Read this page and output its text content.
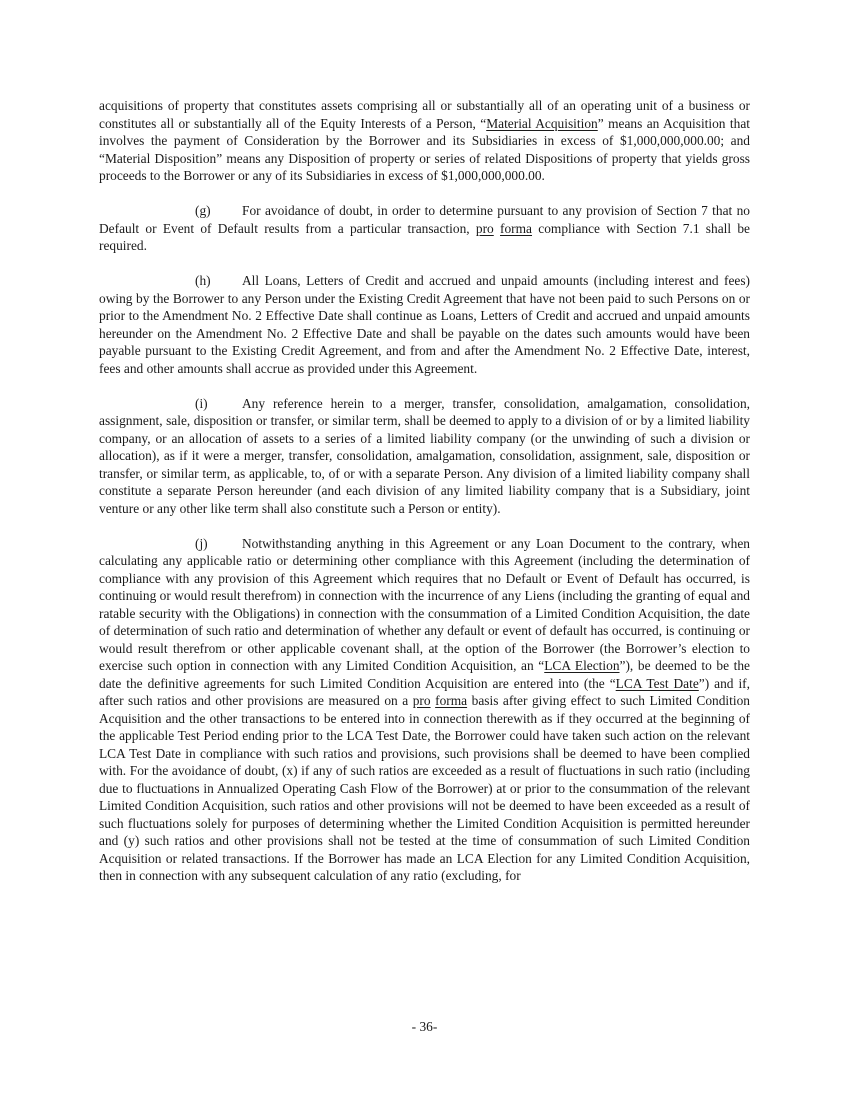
acquisitions of property that constitutes assets comprising all or substantially all of an operating unit of a business or constitutes all or substantially all of the Equity Interests of a Person, “Material Acquisition” means an Acquisition that involves the payment of Consideration by the Borrower and its Subsidiaries in excess of $1,000,000,000.00; and “Material Disposition” means any Disposition of property or series of related Dispositions of property that yields gross proceeds to the Borrower or any of its Subsidiaries in excess of $1,000,000,000.00.

(g) For avoidance of doubt, in order to determine pursuant to any provision of Section 7 that no Default or Event of Default results from a particular transaction, pro forma compliance with Section 7.1 shall be required.

(h) All Loans, Letters of Credit and accrued and unpaid amounts (including interest and fees) owing by the Borrower to any Person under the Existing Credit Agreement that have not been paid to such Persons on or prior to the Amendment No. 2 Effective Date shall continue as Loans, Letters of Credit and accrued and unpaid amounts hereunder on the Amendment No. 2 Effective Date and shall be payable on the dates such amounts would have been payable pursuant to the Existing Credit Agreement, and from and after the Amendment No. 2 Effective Date, interest, fees and other amounts shall accrue as provided under this Agreement.

(i)	Any reference herein to a merger, transfer, consolidation, amalgamation, consolidation, assignment, sale, disposition or transfer, or similar term, shall be deemed to apply to a division of or by a limited liability company, or an allocation of assets to a series of a limited liability company (or the unwinding of such a division or allocation), as if it were a merger, transfer, consolidation, amalgamation, consolidation, assignment, sale, disposition or transfer, or similar term, as applicable, to, of or with a separate Person. Any division of a limited liability company shall constitute a separate Person hereunder (and each division of any limited liability company that is a Subsidiary, joint venture or any other like term shall also constitute such a Person or entity).

(j)	Notwithstanding anything in this Agreement or any Loan Document to the contrary, when calculating any applicable ratio or determining other compliance with this Agreement (including the determination of compliance with any provision of this Agreement which requires that no Default or Event of Default has occurred, is continuing or would result therefrom) in connection with the incurrence of any Liens (including the granting of equal and ratable security with the Obligations) in connection with the consummation of a Limited Condition Acquisition, the date of determination of such ratio and determination of whether any default or event of default has occurred, is continuing or would result therefrom or other applicable covenant shall, at the option of the Borrower (the Borrower’s election to exercise such option in connection with any Limited Condition Acquisition, an “LCA Election”), be deemed to be the date the definitive agreements for such Limited Condition Acquisition are entered into (the “LCA Test Date”) and if, after such ratios and other provisions are measured on a pro forma basis after giving effect to such Limited Condition Acquisition and the other transactions to be entered into in connection therewith as if they occurred at the beginning of the applicable Test Period ending prior to the LCA Test Date, the Borrower could have taken such action on the relevant LCA Test Date in compliance with such ratios and provisions, such provisions shall be deemed to have been complied with. For the avoidance of doubt, (x) if any of such ratios are exceeded as a result of fluctuations in such ratio (including due to fluctuations in Annualized Operating Cash Flow of the Borrower) at or prior to the consummation of the relevant Limited Condition Acquisition, such ratios and other provisions will not be deemed to have been exceeded as a result of such fluctuations solely for purposes of determining whether the Limited Condition Acquisition is permitted hereunder and (y) such ratios and other provisions shall not be tested at the time of consummation of such Limited Condition Acquisition or related transactions. If the Borrower has made an LCA Election for any Limited Condition Acquisition, then in connection with any subsequent calculation of any ratio (excluding, for

- 36-
